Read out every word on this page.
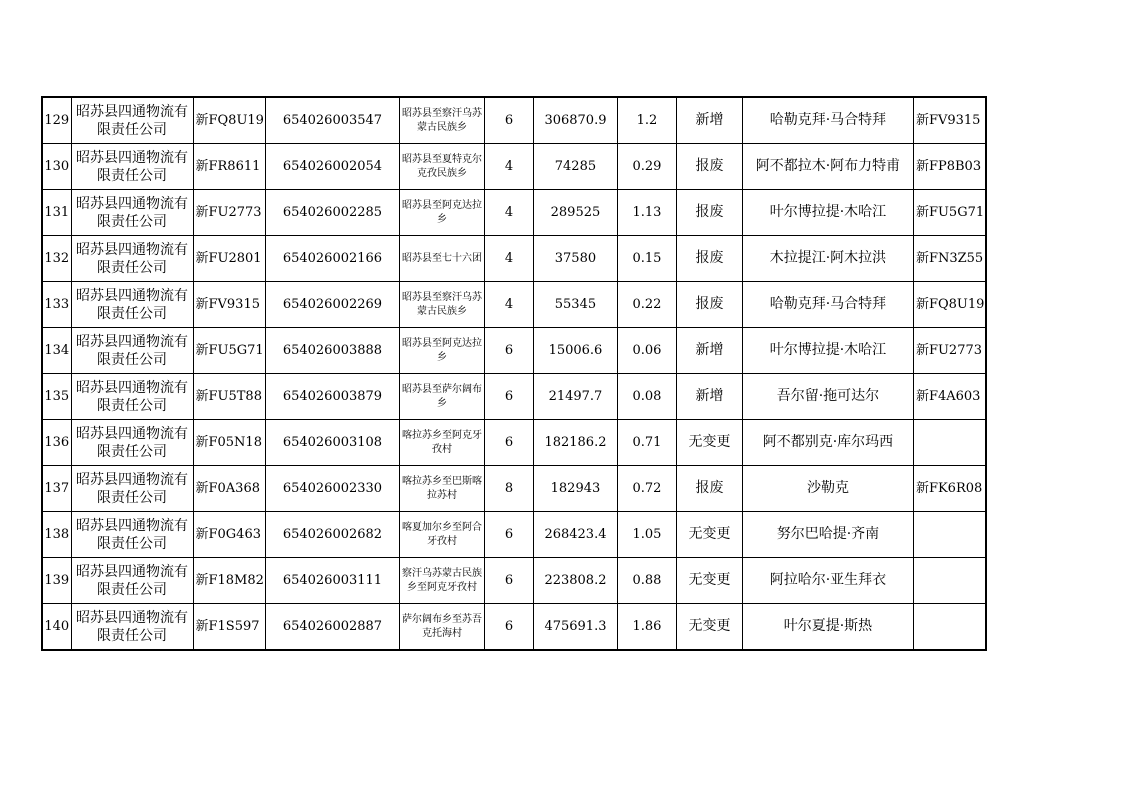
129	昭苏县四通物流有限责任公司	新FQ8U19	654026003547	昭苏县至察汗乌苏蒙古民族乡	6	306870.9	1.2	新增	哈勒克拜·马合特拜	新FV9315
130	昭苏县四通物流有限责任公司	新FR8611	654026002054	昭苏县至夏特克尔克孜民族乡	4	74285	0.29	报废	阿不都拉木·阿布力特甫	新FP8B03
131	昭苏县四通物流有限责任公司	新FU2773	654026002285	昭苏县至阿克达拉乡	4	289525	1.13	报废	叶尔博拉提·木哈江	新FU5G71
132	昭苏县四通物流有限责任公司	新FU2801	654026002166	昭苏县至七十六团	4	37580	0.15	报废	木拉提江·阿木拉洪	新FN3Z55
133	昭苏县四通物流有限责任公司	新FV9315	654026002269	昭苏县至察汗乌苏蒙古民族乡	4	55345	0.22	报废	哈勒克拜·马合特拜	新FQ8U19
134	昭苏县四通物流有限责任公司	新FU5G71	654026003888	昭苏县至阿克达拉乡	6	15006.6	0.06	新增	叶尔博拉提·木哈江	新FU2773
135	昭苏县四通物流有限责任公司	新FU5T88	654026003879	昭苏县至萨尔阔布乡	6	21497.7	0.08	新增	吾尔留·拖可达尔	新F4A603
136	昭苏县四通物流有限责任公司	新F05N18	654026003108	喀拉苏乡至阿克牙孜村	6	182186.2	0.71	无变更	阿不都别克·库尔玛西	
137	昭苏县四通物流有限责任公司	新F0A368	654026002330	喀拉苏乡至巴斯喀拉苏村	8	182943	0.72	报废	沙勒克	新FK6R08
138	昭苏县四通物流有限责任公司	新F0G463	654026002682	喀夏加尔乡至阿合牙孜村	6	268423.4	1.05	无变更	努尔巴哈提·齐南	
139	昭苏县四通物流有限责任公司	新F18M82	654026003111	察汗乌苏蒙古民族乡至阿克牙孜村	6	223808.2	0.88	无变更	阿拉哈尔·亚生拜衣	
140	昭苏县四通物流有限责任公司	新F1S597	654026002887	萨尔阔布乡至苏吾克托海村	6	475691.3	1.86	无变更	叶尔夏提·斯热	
